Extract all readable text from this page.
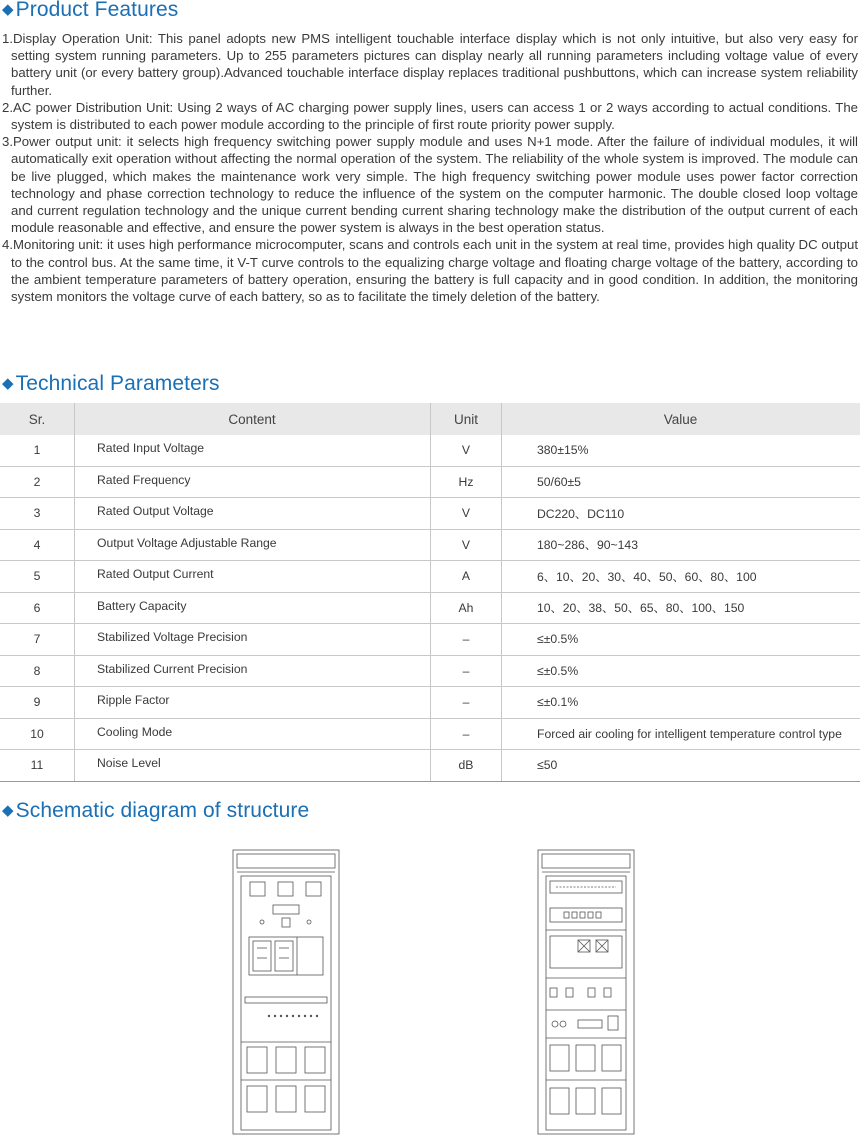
◆Product Features
1.Display Operation Unit: This panel adopts new PMS intelligent touchable interface display which is not only intuitive, but also very easy for setting system running parameters. Up to 255 parameters pictures can display nearly all running parameters including voltage value of every battery unit (or every battery group).Advanced touchable interface display replaces traditional pushbuttons, which can increase system reliability further.
2.AC power Distribution Unit: Using 2 ways of AC charging power supply lines, users can access 1 or 2 ways according to actual conditions. The system is distributed to each power module according to the principle of first route priority power supply.
3.Power output unit: it selects high frequency switching power supply module and uses N+1 mode. After the failure of individual modules, it will automatically exit operation without affecting the normal operation of the system. The reliability of the whole system is improved. The module can be live plugged, which makes the maintenance work very simple. The high frequency switching power module uses power factor correction technology and phase correction technology to reduce the influence of the system on the computer harmonic. The double closed loop voltage and current regulation technology and the unique current bending current sharing technology make the distribution of the output current of each module reasonable and effective, and ensure the power system is always in the best operation status.
4.Monitoring unit: it uses high performance microcomputer, scans and controls each unit in the system at real time, provides high quality DC output to the control bus. At the same time, it V-T curve controls to the equalizing charge voltage and floating charge voltage of the battery, according to the ambient temperature parameters of battery operation, ensuring the battery is full capacity and in good condition. In addition, the monitoring system monitors the voltage curve of each battery, so as to facilitate the timely deletion of the battery.
◆Technical Parameters
Sr.	Content	Unit	Value
1	Rated Input Voltage	V	380±15%
2	Rated Frequency	Hz	50/60±5
3	Rated Output Voltage	V	DC220、DC110
4	Output Voltage Adjustable Range	V	180~286、90~143
5	Rated Output Current	A	6、10、20、30、40、50、60、80、100
6	Battery Capacity	Ah	10、20、38、50、65、80、100、150
7	Stabilized Voltage Precision	–	≤±0.5%
8	Stabilized Current Precision	–	≤±0.5%
9	Ripple Factor	–	≤±0.1%
10	Cooling Mode	–	Forced air cooling for intelligent temperature control type
11	Noise Level	dB	≤50
◆Schematic diagram of structure
